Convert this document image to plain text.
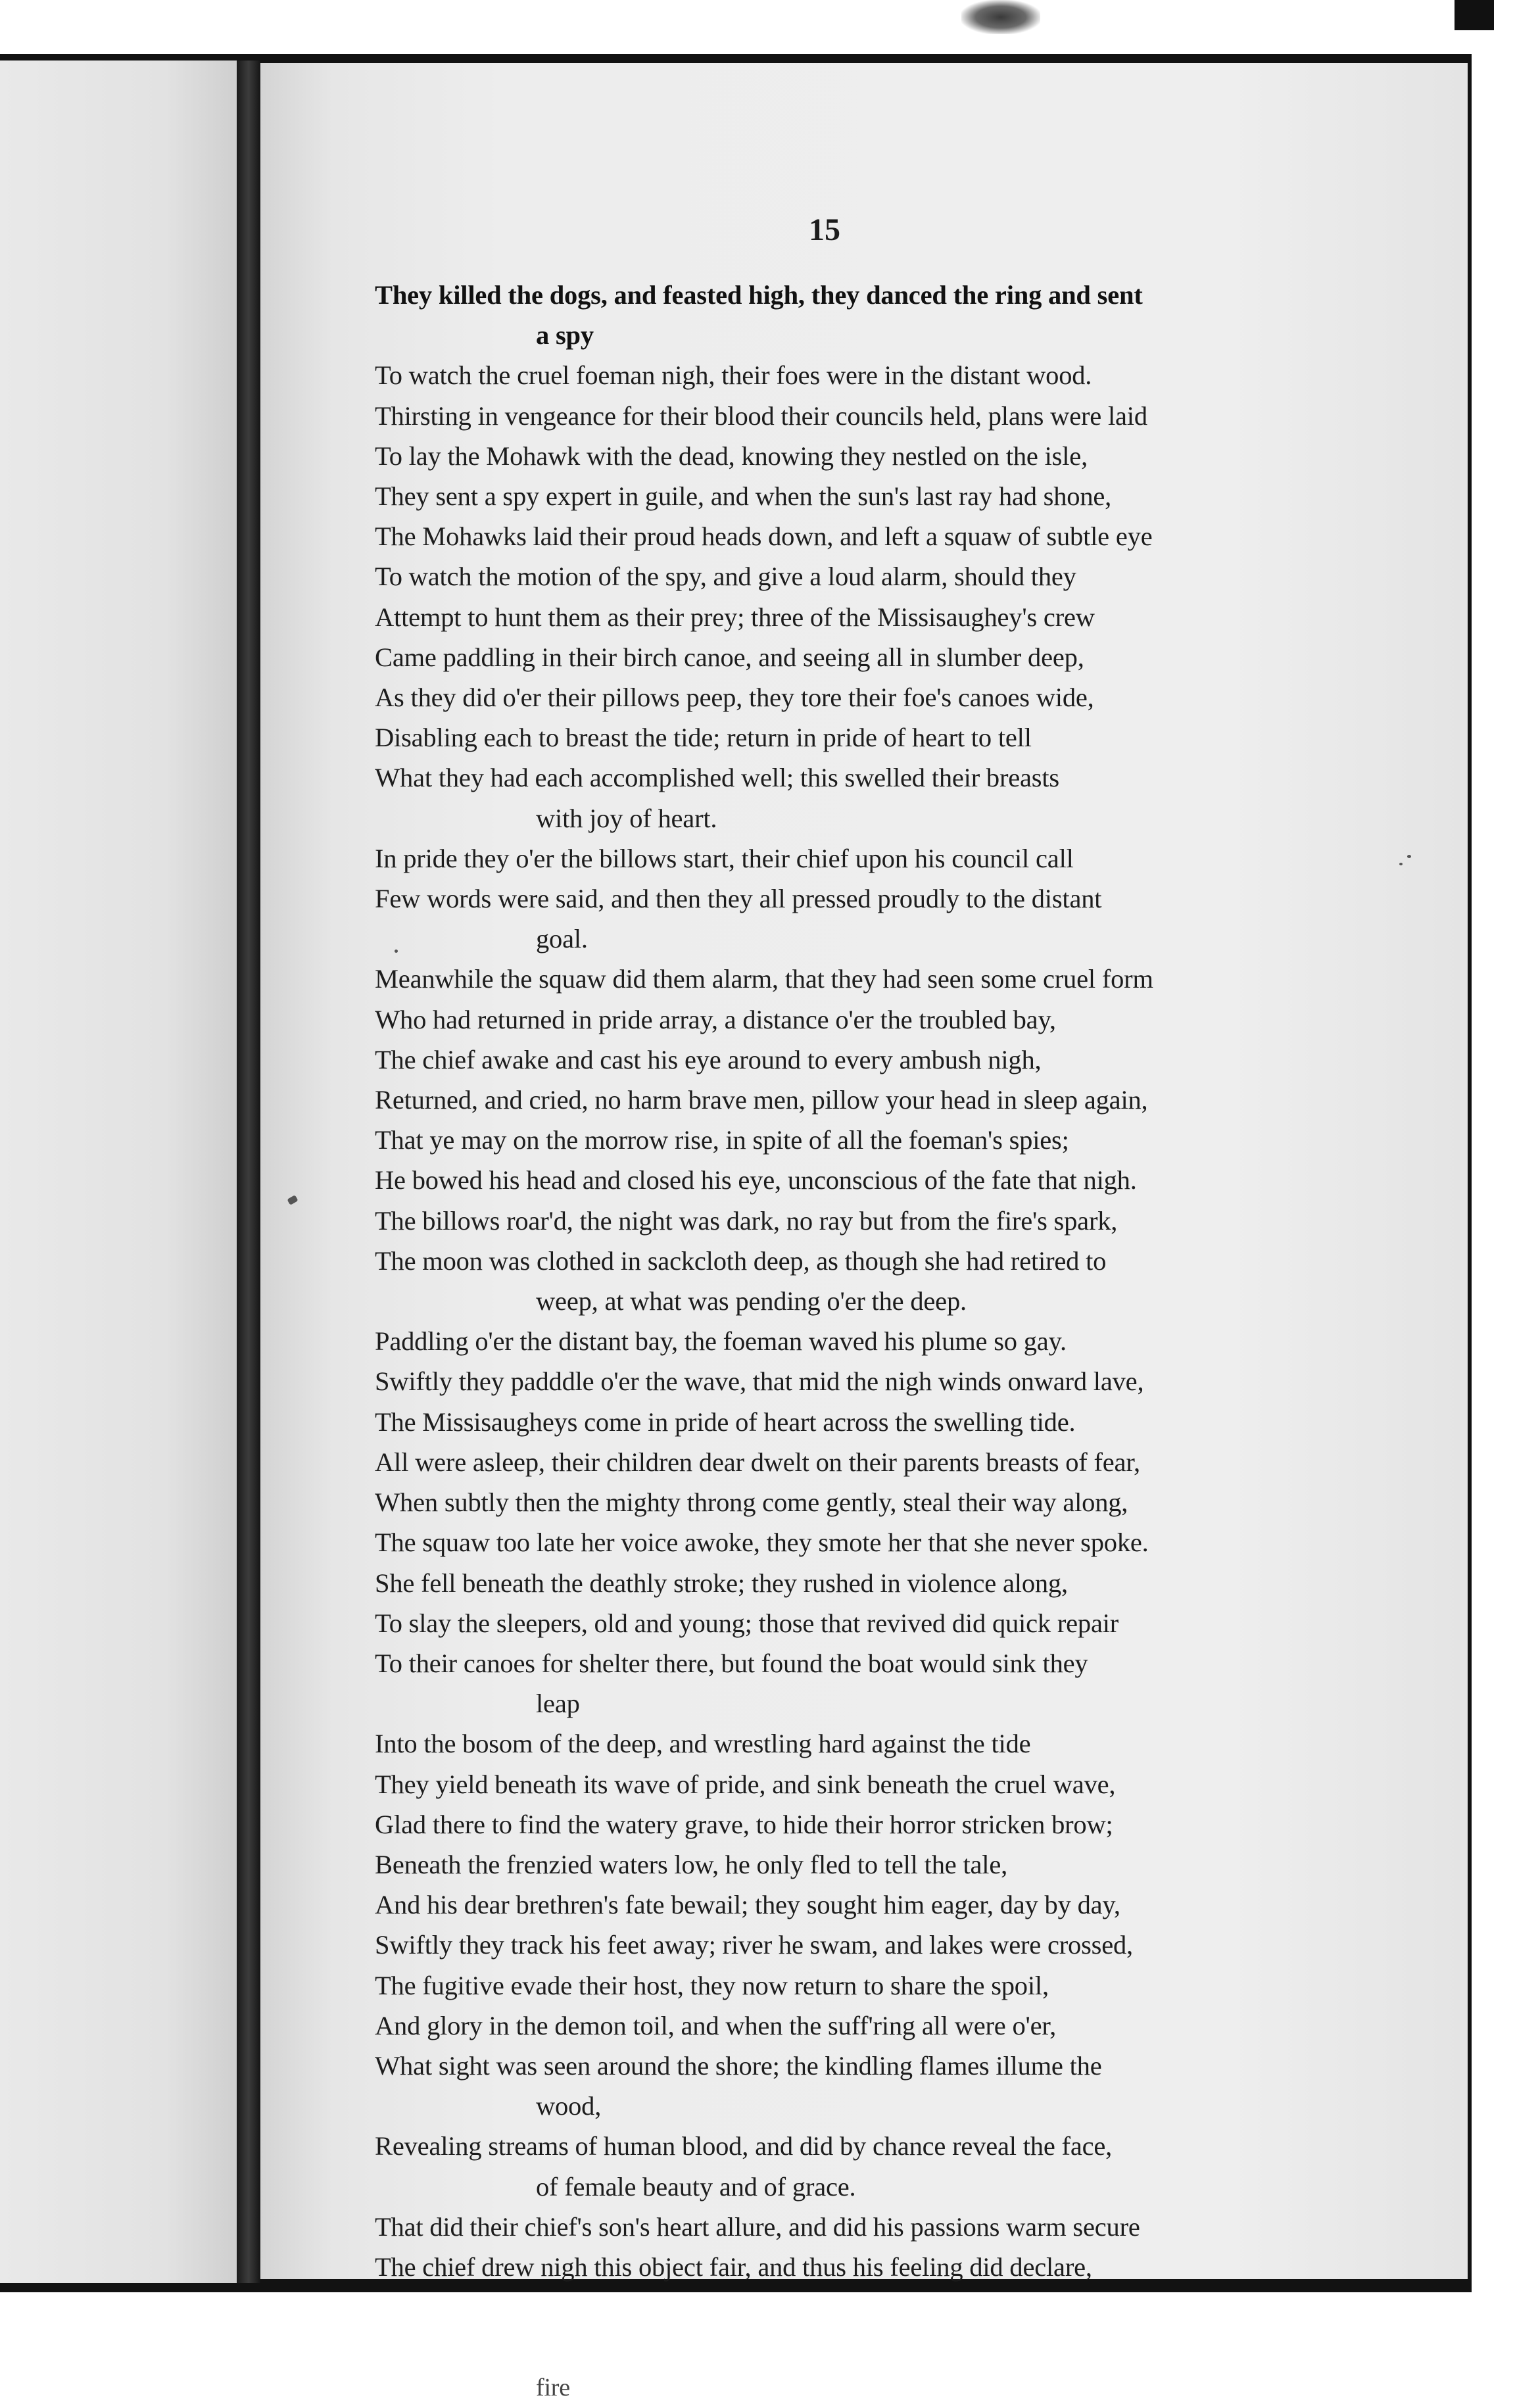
15
They killed the dogs, and feasted high, they danced the ring and sent
a spy
To watch the cruel foeman nigh, their foes were in the distant wood.
Thirsting in vengeance for their blood their councils held, plans were laid
To lay the Mohawk with the dead, knowing they nestled on the isle,
They sent a spy expert in guile, and when the sun's last ray had shone,
The Mohawks laid their proud heads down, and left a squaw of subtle eye
To watch the motion of the spy, and give a loud alarm, should they
Attempt to hunt them as their prey; three of the Missisaughey's crew
Came paddling in their birch canoe, and seeing all in slumber deep,
As they did o'er their pillows peep, they tore their foe's canoes wide,
Disabling each to breast the tide; return in pride of heart to tell
What they had each accomplished well; this swelled their breasts
with joy of heart.
In pride they o'er the billows start, their chief upon his council call
Few words were said, and then they all pressed proudly to the distant
goal.
Meanwhile the squaw did them alarm, that they had seen some cruel form
Who had returned in pride array, a distance o'er the troubled bay,
The chief awake and cast his eye around to every ambush nigh,
Returned, and cried, no harm brave men, pillow your head in sleep again,
That ye may on the morrow rise, in spite of all the foeman's spies;
He bowed his head and closed his eye, unconscious of the fate that nigh.
The billows roar'd, the night was dark, no ray but from the fire's spark,
The moon was clothed in sackcloth deep, as though she had retired to
weep, at what was pending o'er the deep.
Paddling o'er the distant bay, the foeman waved his plume so gay.
Swiftly they padddle o'er the wave, that mid the nigh winds onward lave,
The Missisaugheys come in pride of heart across the swelling tide.
All were asleep, their children dear dwelt on their parents breasts of fear,
When subtly then the mighty throng come gently, steal their way along,
The squaw too late her voice awoke, they smote her that she never spoke.
She fell beneath the deathly stroke; they rushed in violence along,
To slay the sleepers, old and young; those that revived did quick repair
To their canoes for shelter there, but found the boat would sink they
leap
Into the bosom of the deep, and wrestling hard against the tide
They yield beneath its wave of pride, and sink beneath the cruel wave,
Glad there to find the watery grave, to hide their horror stricken brow;
Beneath the frenzied waters low, he only fled to tell the tale,
And his dear brethren's fate bewail; they sought him eager, day by day,
Swiftly they track his feet away; river he swam, and lakes were crossed,
The fugitive evade their host, they now return to share the spoil,
And glory in the demon toil, and when the suff'ring all were o'er,
What sight was seen around the shore; the kindling flames illume the
wood,
Revealing streams of human blood, and did by chance reveal the face,
of female beauty and of grace.
That did their chief's son's heart allure, and did his passions warm secure
The chief drew nigh this object fair, and thus his feeling did declare,
fire
